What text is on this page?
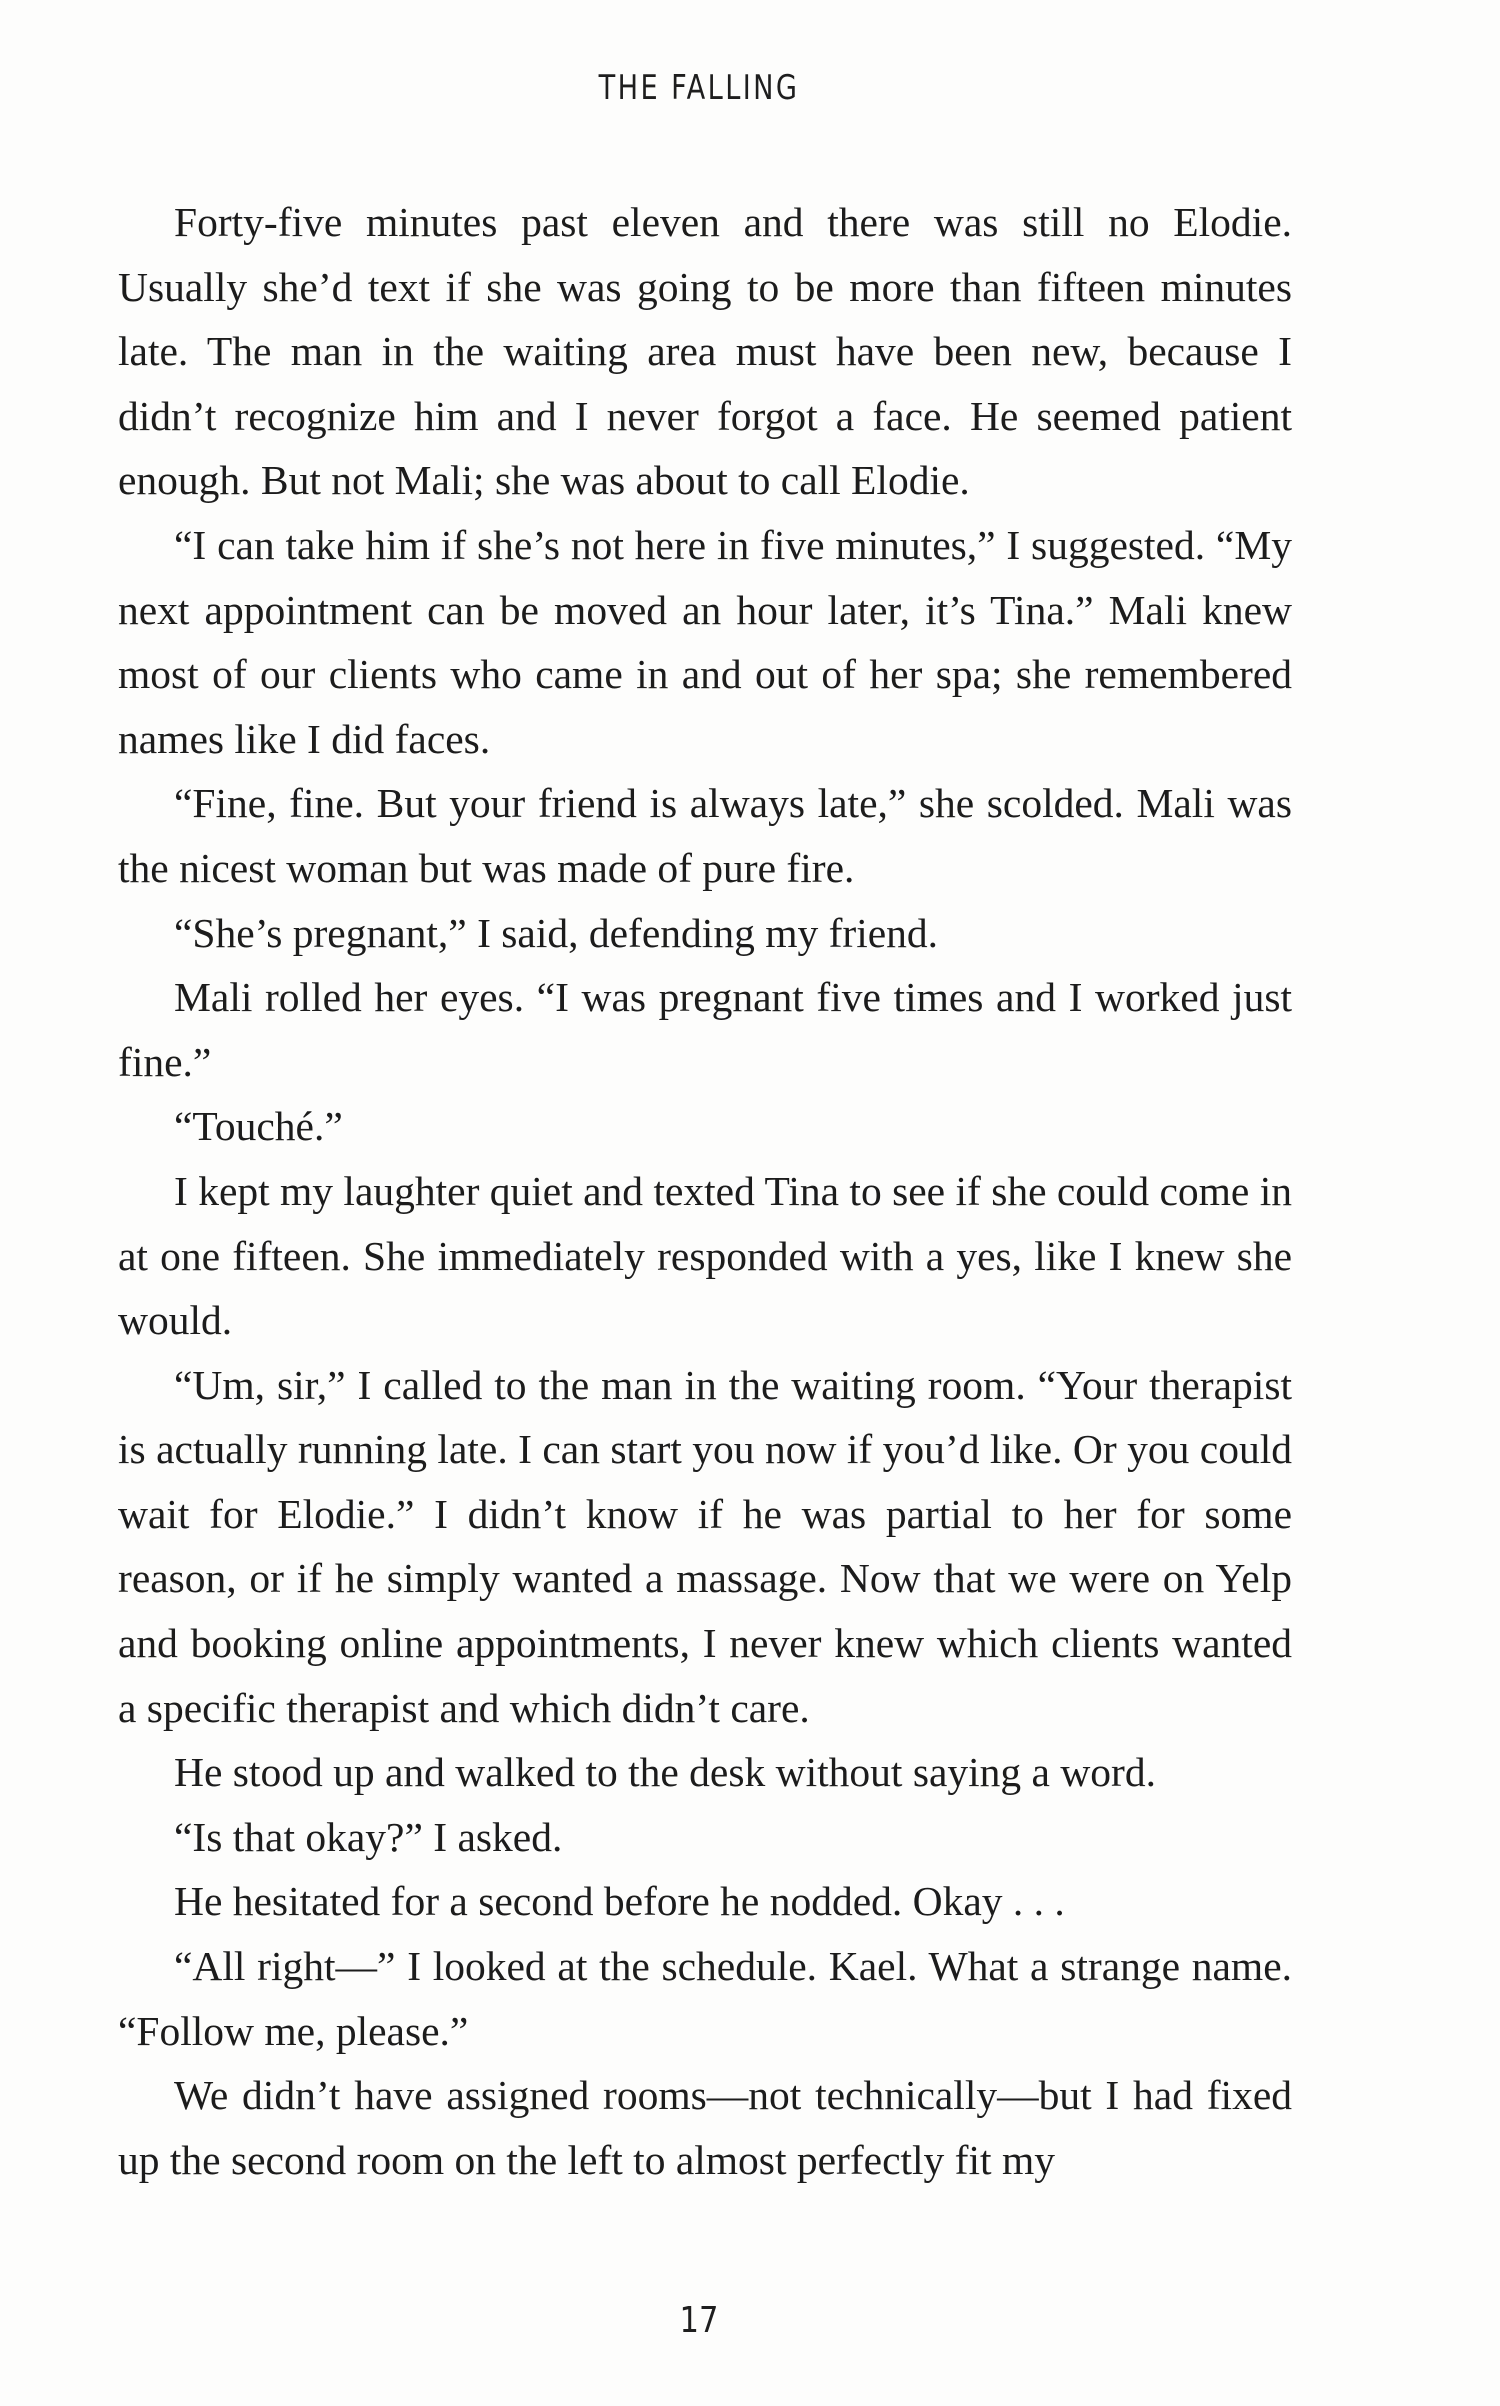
THE FALLING

Forty-five minutes past eleven and there was still no Elodie. Usually she’d text if she was going to be more than fifteen minutes late. The man in the waiting area must have been new, because I didn’t recognize him and I never forgot a face. He seemed patient enough. But not Mali; she was about to call Elodie.

“I can take him if she’s not here in five minutes,” I suggested. “My next appointment can be moved an hour later, it’s Tina.” Mali knew most of our clients who came in and out of her spa; she remembered names like I did faces.

“Fine, fine. But your friend is always late,” she scolded. Mali was the nicest woman but was made of pure fire.

“She’s pregnant,” I said, defending my friend.

Mali rolled her eyes. “I was pregnant five times and I worked just fine.”

“Touché.”

I kept my laughter quiet and texted Tina to see if she could come in at one fifteen. She immediately responded with a yes, like I knew she would.

“Um, sir,” I called to the man in the waiting room. “Your therapist is actually running late. I can start you now if you’d like. Or you could wait for Elodie.” I didn’t know if he was partial to her for some reason, or if he simply wanted a massage. Now that we were on Yelp and booking online appointments, I never knew which clients wanted a specific therapist and which didn’t care.

He stood up and walked to the desk without saying a word.

“Is that okay?” I asked.

He hesitated for a second before he nodded. Okay . . .

“All right—” I looked at the schedule. Kael. What a strange name. “Follow me, please.”

We didn’t have assigned rooms—not technically—but I had fixed up the second room on the left to almost perfectly fit my

17
